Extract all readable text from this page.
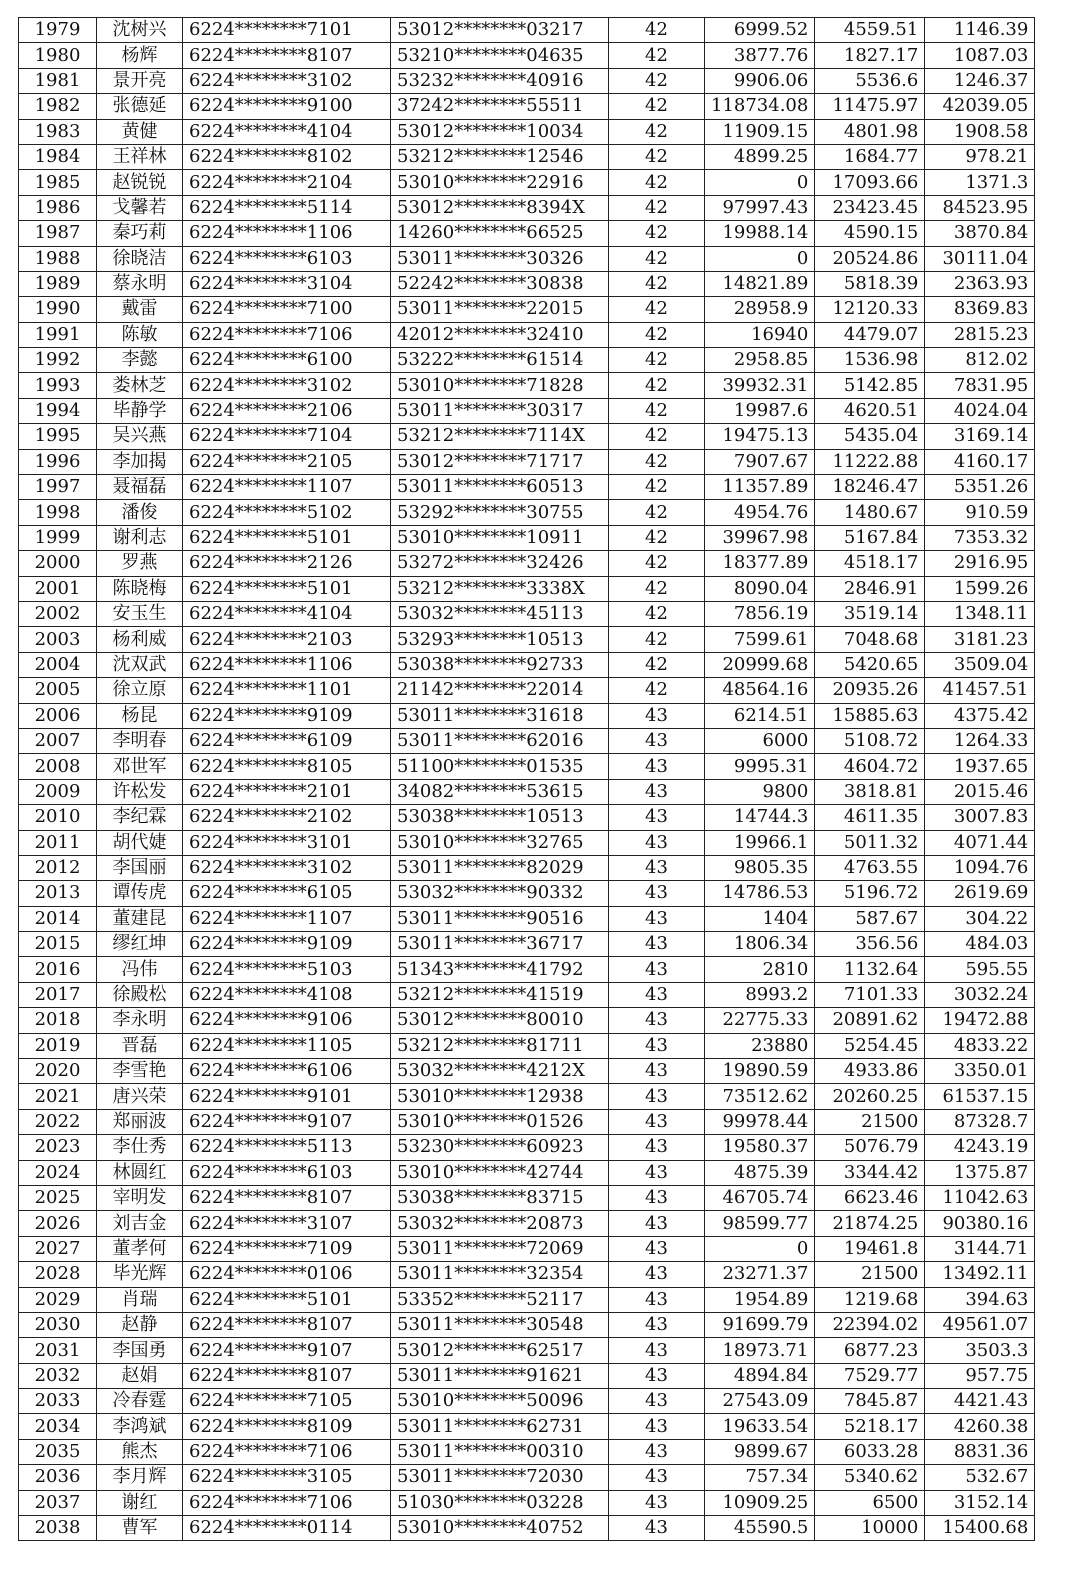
1979	沈树兴	6224********7101	53012********03217	42	6999.52	4559.51	1146.39
1980	杨辉	6224********8107	53210********04635	42	3877.76	1827.17	1087.03
1981	景开亮	6224********3102	53232********40916	42	9906.06	5536.6	1246.37
1982	张德延	6224********9100	37242********55511	42	118734.08	11475.97	42039.05
1983	黄健	6224********4104	53012********10034	42	11909.15	4801.98	1908.58
1984	王祥林	6224********8102	53212********12546	42	4899.25	1684.77	978.21
1985	赵锐锐	6224********2104	53010********22916	42	0	17093.66	1371.3
1986	戈馨若	6224********5114	53012********8394X	42	97997.43	23423.45	84523.95
1987	秦巧莉	6224********1106	14260********66525	42	19988.14	4590.15	3870.84
1988	徐晓洁	6224********6103	53011********30326	42	0	20524.86	30111.04
1989	蔡永明	6224********3104	52242********30838	42	14821.89	5818.39	2363.93
1990	戴雷	6224********7100	53011********22015	42	28958.9	12120.33	8369.83
1991	陈敏	6224********7106	42012********32410	42	16940	4479.07	2815.23
1992	李懿	6224********6100	53222********61514	42	2958.85	1536.98	812.02
1993	娄林芝	6224********3102	53010********71828	42	39932.31	5142.85	7831.95
1994	毕静学	6224********2106	53011********30317	42	19987.6	4620.51	4024.04
1995	吴兴燕	6224********7104	53212********7114X	42	19475.13	5435.04	3169.14
1996	李加揭	6224********2105	53012********71717	42	7907.67	11222.88	4160.17
1997	聂福磊	6224********1107	53011********60513	42	11357.89	18246.47	5351.26
1998	潘俊	6224********5102	53292********30755	42	4954.76	1480.67	910.59
1999	谢利志	6224********5101	53010********10911	42	39967.98	5167.84	7353.32
2000	罗燕	6224********2126	53272********32426	42	18377.89	4518.17	2916.95
2001	陈晓梅	6224********5101	53212********3338X	42	8090.04	2846.91	1599.26
2002	安玉生	6224********4104	53032********45113	42	7856.19	3519.14	1348.11
2003	杨利威	6224********2103	53293********10513	42	7599.61	7048.68	3181.23
2004	沈双武	6224********1106	53038********92733	42	20999.68	5420.65	3509.04
2005	徐立原	6224********1101	21142********22014	42	48564.16	20935.26	41457.51
2006	杨昆	6224********9109	53011********31618	43	6214.51	15885.63	4375.42
2007	李明春	6224********6109	53011********62016	43	6000	5108.72	1264.33
2008	邓世军	6224********8105	51100********01535	43	9995.31	4604.72	1937.65
2009	许松发	6224********2101	34082********53615	43	9800	3818.81	2015.46
2010	李纪霖	6224********2102	53038********10513	43	14744.3	4611.35	3007.83
2011	胡代婕	6224********3101	53010********32765	43	19966.1	5011.32	4071.44
2012	李国丽	6224********3102	53011********82029	43	9805.35	4763.55	1094.76
2013	谭传虎	6224********6105	53032********90332	43	14786.53	5196.72	2619.69
2014	董建昆	6224********1107	53011********90516	43	1404	587.67	304.22
2015	缪红坤	6224********9109	53011********36717	43	1806.34	356.56	484.03
2016	冯伟	6224********5103	51343********41792	43	2810	1132.64	595.55
2017	徐殿松	6224********4108	53212********41519	43	8993.2	7101.33	3032.24
2018	李永明	6224********9106	53012********80010	43	22775.33	20891.62	19472.88
2019	晋磊	6224********1105	53212********81711	43	23880	5254.45	4833.22
2020	李雪艳	6224********6106	53032********4212X	43	19890.59	4933.86	3350.01
2021	唐兴荣	6224********9101	53010********12938	43	73512.62	20260.25	61537.15
2022	郑丽波	6224********9107	53010********01526	43	99978.44	21500	87328.7
2023	李仕秀	6224********5113	53230********60923	43	19580.37	5076.79	4243.19
2024	林圆红	6224********6103	53010********42744	43	4875.39	3344.42	1375.87
2025	宰明发	6224********8107	53038********83715	43	46705.74	6623.46	11042.63
2026	刘吉金	6224********3107	53032********20873	43	98599.77	21874.25	90380.16
2027	董孝何	6224********7109	53011********72069	43	0	19461.8	3144.71
2028	毕光辉	6224********0106	53011********32354	43	23271.37	21500	13492.11
2029	肖瑞	6224********5101	53352********52117	43	1954.89	1219.68	394.63
2030	赵静	6224********8107	53011********30548	43	91699.79	22394.02	49561.07
2031	李国勇	6224********9107	53012********62517	43	18973.71	6877.23	3503.3
2032	赵娟	6224********8107	53011********91621	43	4894.84	7529.77	957.75
2033	冷春霆	6224********7105	53010********50096	43	27543.09	7845.87	4421.43
2034	李鸿斌	6224********8109	53011********62731	43	19633.54	5218.17	4260.38
2035	熊杰	6224********7106	53011********00310	43	9899.67	6033.28	8831.36
2036	李月辉	6224********3105	53011********72030	43	757.34	5340.62	532.67
2037	谢红	6224********7106	51030********03228	43	10909.25	6500	3152.14
2038	曹军	6224********0114	53010********40752	43	45590.5	10000	15400.68
